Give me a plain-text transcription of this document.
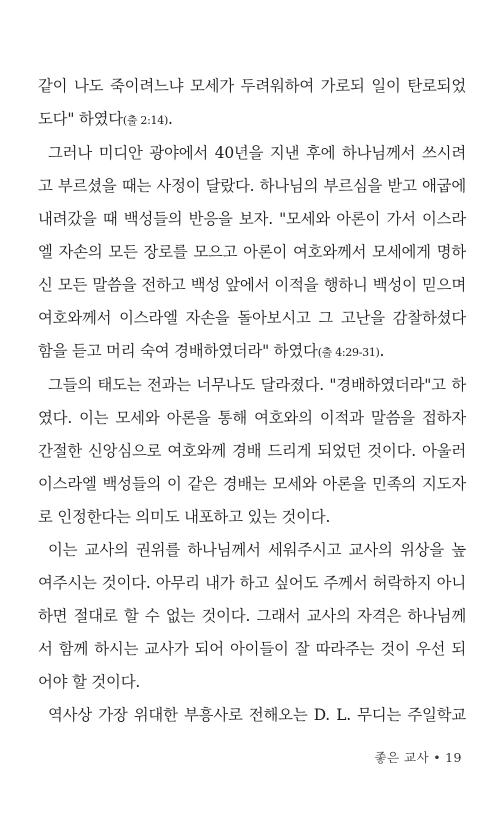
같이 나도 죽이려느냐 모세가 두려워하여 가로되 일이 탄로되었
도다" 하였다(출 2:14).
그러나 미디안 광야에서 40년을 지낸 후에 하나님께서 쓰시려
고 부르셨을 때는 사정이 달랐다. 하나님의 부르심을 받고 애굽에
내려갔을 때 백성들의 반응을 보자. "모세와 아론이 가서 이스라
엘 자손의 모든 장로를 모으고 아론이 여호와께서 모세에게 명하
신 모든 말씀을 전하고 백성 앞에서 이적을 행하니 백성이 믿으며
여호와께서 이스라엘 자손을 돌아보시고 그 고난을 감찰하셨다
함을 듣고 머리 숙여 경배하였더라" 하였다(출 4:29-31).
그들의 태도는 전과는 너무나도 달라졌다. "경배하였더라"고 하
였다. 이는 모세와 아론을 통해 여호와의 이적과 말씀을 접하자
간절한 신앙심으로 여호와께 경배 드리게 되었던 것이다. 아울러
이스라엘 백성들의 이 같은 경배는 모세와 아론을 민족의 지도자
로 인정한다는 의미도 내포하고 있는 것이다.
이는 교사의 권위를 하나님께서 세워주시고 교사의 위상을 높
여주시는 것이다. 아무리 내가 하고 싶어도 주께서 허락하지 아니
하면 절대로 할 수 없는 것이다. 그래서 교사의 자격은 하나님께
서 함께 하시는 교사가 되어 아이들이 잘 따라주는 것이 우선 되
어야 할 것이다.
역사상 가장 위대한 부흥사로 전해오는 D. L. 무디는 주일학교
좋은 교사 • 19
